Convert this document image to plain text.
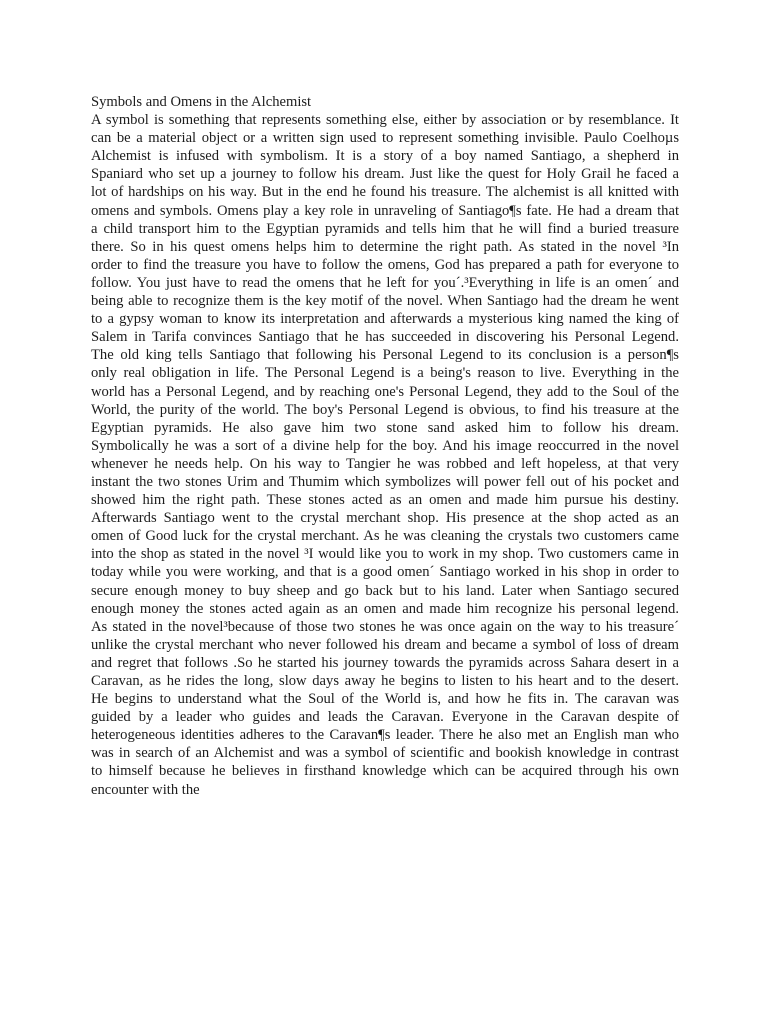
Symbols and Omens in the Alchemist
A symbol is something that represents something else, either by association or by resemblance. It
can be a material object or a written sign used to represent something invisible. Paulo Coelhoµs
Alchemist is infused with symbolism. It is a story of a boy named Santiago, a shepherd in
Spaniard who set up a journey to follow his dream. Just like the quest for Holy Grail he faced a
lot of hardships on his way. But in the end he found his treasure. The alchemist is all knitted with
omens and symbols. Omens play a key role in unraveling of Santiago¶s fate. He had a dream that
a child transport him to the Egyptian pyramids and tells him that he will find a buried treasure
there. So in his quest omens helps him to determine the right path. As stated in the novel ³In
order to find the treasure you have to follow the omens, God has prepared a path for everyone to
follow. You just have to read the omens that he left for you´.³Everything in life is an omen´ and
being able to recognize them is the key motif of the novel. When Santiago had the dream he went
to a gypsy woman to know its interpretation and afterwards a mysterious king named the king of
Salem in Tarifa convinces Santiago that he has succeeded in discovering his Personal Legend.
The old king tells Santiago that following his Personal Legend to its conclusion is a person¶s
only real obligation in life. The Personal Legend is a being's reason to live. Everything in the
world has a Personal Legend, and by reaching one's Personal Legend, they add to the Soul of the
World, the purity of the world. The boy's Personal Legend is obvious, to find his treasure at the
Egyptian pyramids. He also gave him two stone sand asked him to follow his dream.
Symbolically he was a sort of a divine help for the boy. And his image reoccurred in the novel
whenever he needs help. On his way to Tangier he was robbed and left hopeless, at that very
instant the two stones Urim and Thumim which symbolizes will power fell out of his pocket and
showed him the right path. These stones acted as an omen and made him pursue his destiny.
Afterwards Santiago went to the crystal merchant shop. His presence at the shop acted as an
omen of Good luck for the crystal merchant. As he was cleaning the crystals two customers came
into the shop as stated in the novel ³I would like you to work in my shop. Two customers came in
today while you were working, and that is a good omen´ Santiago worked in his shop in order to
secure enough money to buy sheep and go back but to his land. Later when Santiago secured
enough money the stones acted again as an omen and made him recognize his personal legend.
As stated in the novel³because of those two stones he was once again on the way to his treasure´
unlike the crystal merchant who never followed his dream and became a symbol of loss of dream
and regret that follows .So he started his journey towards the pyramids across Sahara desert in a
Caravan, as he rides the long, slow days away he begins to listen to his heart and to the desert.
He begins to understand what the Soul of the World is, and how he fits in. The caravan was
guided by a leader who guides and leads the Caravan. Everyone in the Caravan despite of
heterogeneous identities adheres to the Caravan¶s leader. There he also met an English man who
was in search of an Alchemist and was a symbol of scientific and bookish knowledge in contrast
to himself because he believes in firsthand knowledge which can be acquired through his own
encounter with the
